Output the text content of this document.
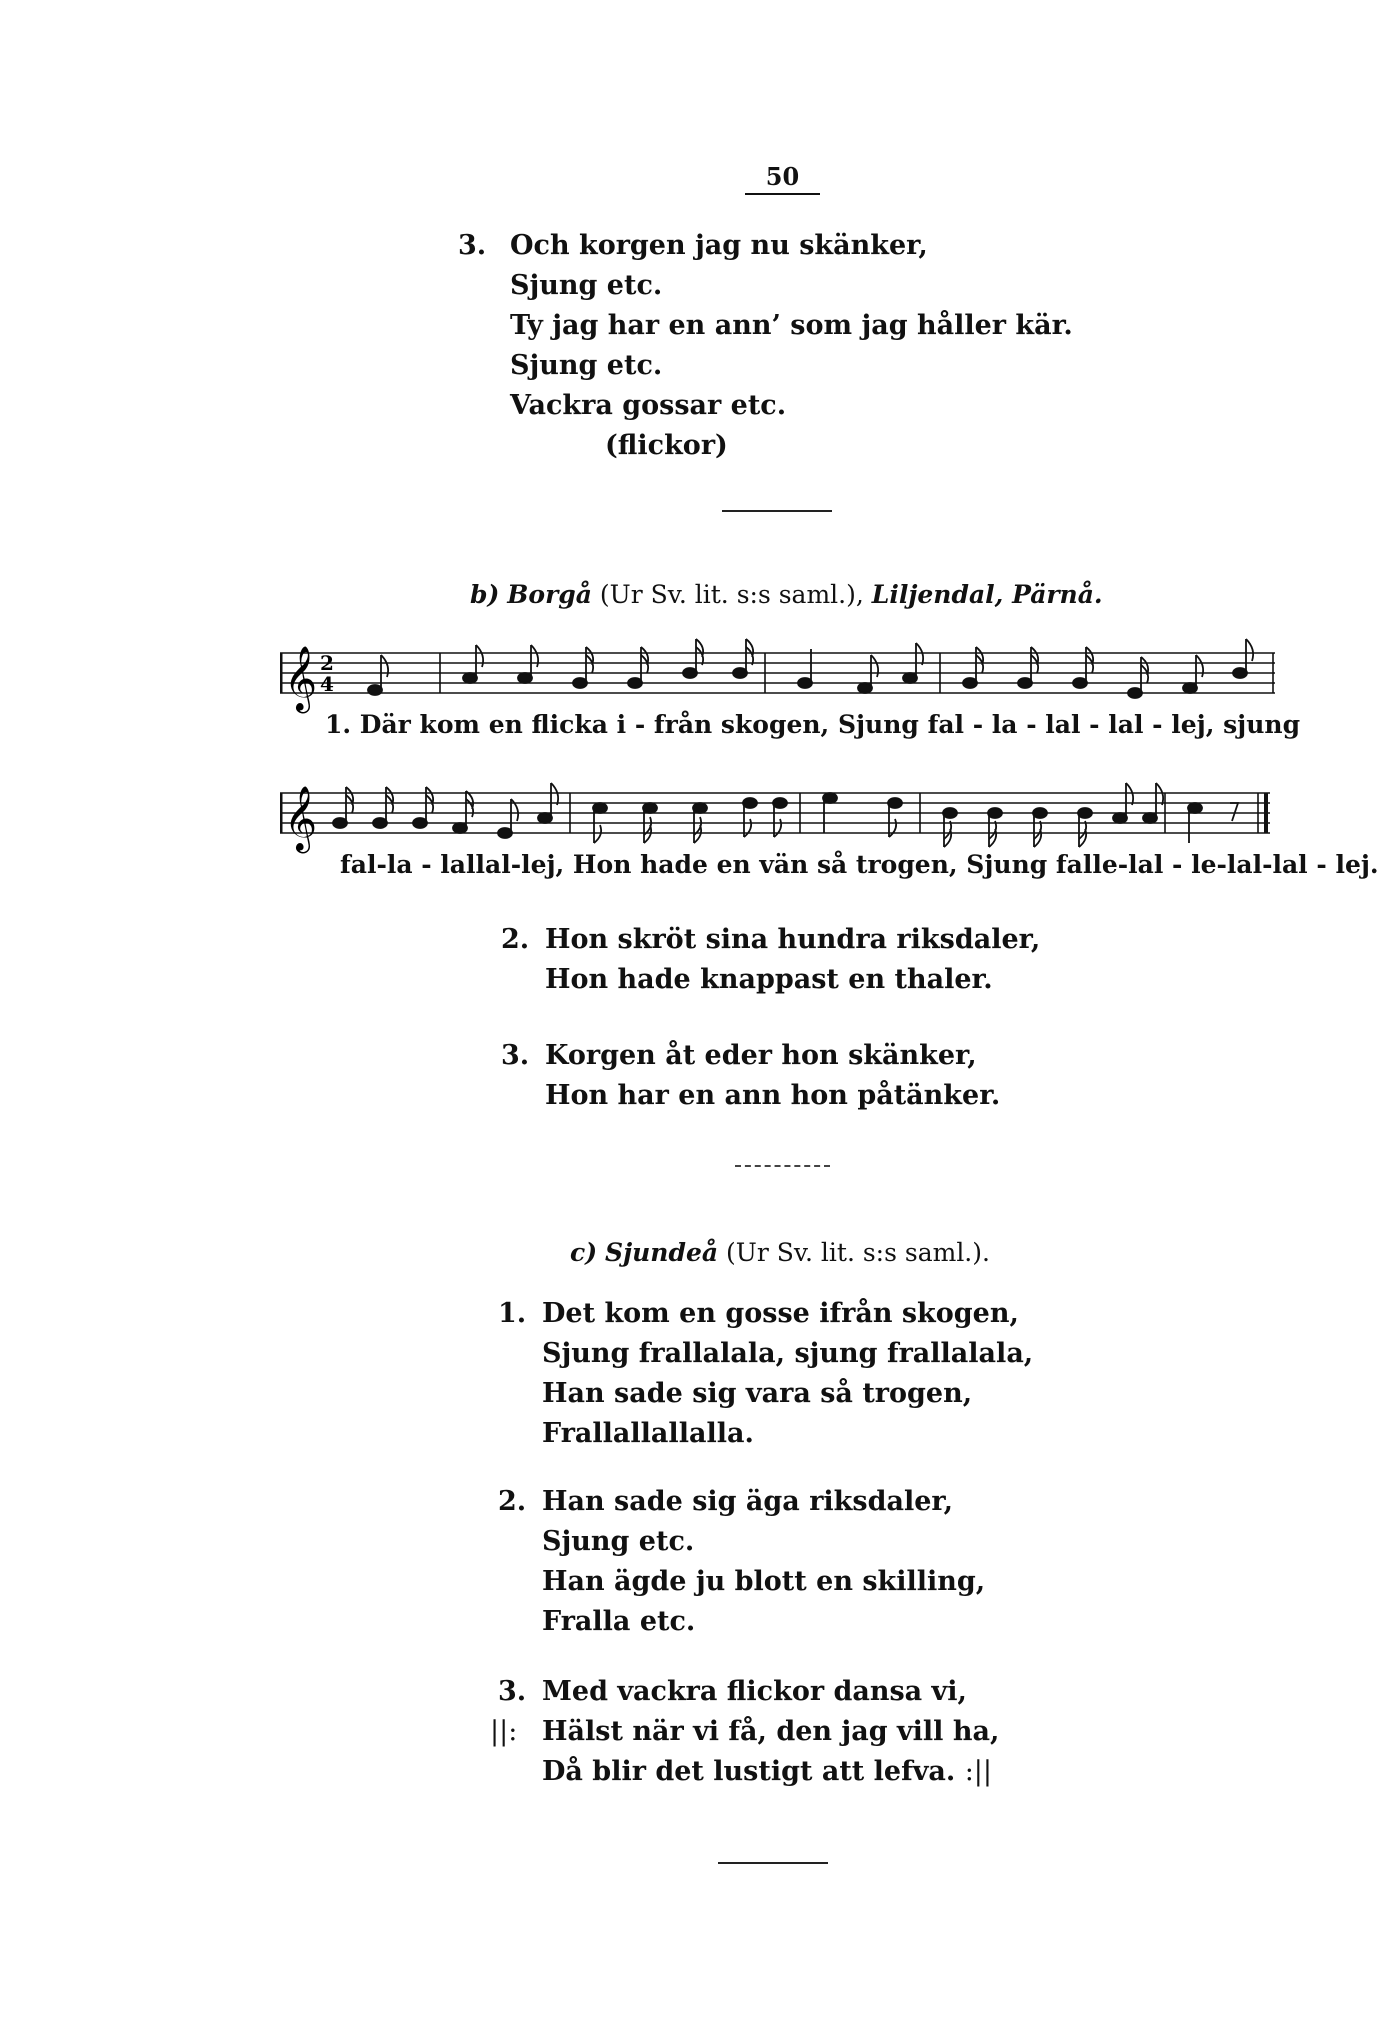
50
3. Och korgen jag nu skänker,
Sjung etc.
Ty jag har en ann’ som jag håller kär.
Sjung etc.
Vackra gossar etc.
(flickor)
b) Borgå (Ur Sv. lit. s:s saml.), Liljendal, Pärnå.
𝄞 2
4
1. Där kom en flicka i - från skogen, Sjung fal - la - lal - lal - lej, sjung
𝄞
fal-la - lallal-lej, Hon hade en vän så trogen, Sjung falle-lal - le-lal-lal - lej.
2. Hon skröt sina hundra riksdaler,
Hon hade knappast en thaler.
3. Korgen åt eder hon skänker,
Hon har en ann hon påtänker.
c) Sjundeå (Ur Sv. lit. s:s saml.).
1. Det kom en gosse ifrån skogen,
Sjung frallalala, sjung frallalala,
Han sade sig vara så trogen,
Frallallallalla.
2. Han sade sig äga riksdaler,
Sjung etc.
Han ägde ju blott en skilling,
Fralla etc.
3. Med vackra flickor dansa vi,
||: Hälst när vi få, den jag vill ha,
Då blir det lustigt att lefva. :||
